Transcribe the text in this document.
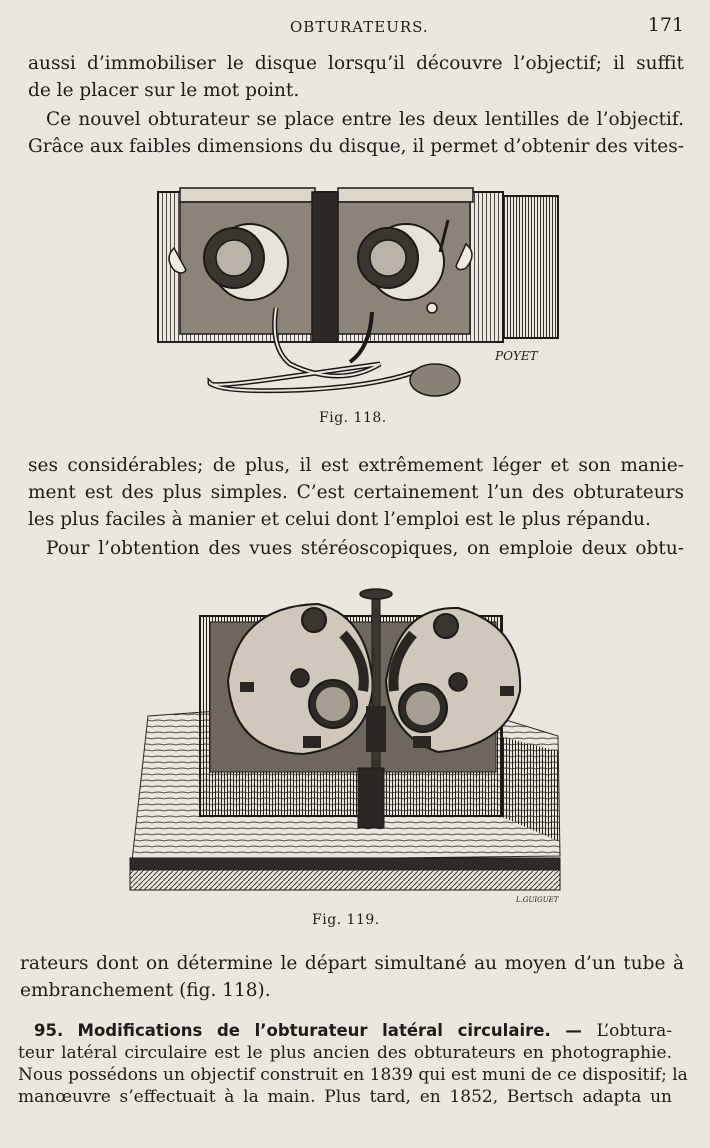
OBTURATEURS.	171
aussi d’immobiliser le disque lorsqu’il découvre l’objectif; il suffit
de le placer sur le mot point.
Ce nouvel obturateur se place entre les deux lentilles de l’objectif.
Grâce aux faibles dimensions du disque, il permet d’obtenir des vites-
POYET
Fig. 118.
ses considérables; de plus, il est extrêmement léger et son manie-
ment est des plus simples. C’est certainement l’un des obturateurs
les plus faciles à manier et celui dont l’emploi est le plus répandu.
Pour l’obtention des vues stéréoscopiques, on emploie deux obtu-
L.GUIGUET
Fig. 119.
rateurs dont on détermine le départ simultané au moyen d’un tube à
embranchement (fig. 118).
95. Modifications de l’obturateur latéral circulaire. — L’obtura-
teur latéral circulaire est le plus ancien des obturateurs en photographie.
Nous possédons un objectif construit en 1839 qui est muni de ce dispositif; la
manœuvre s’effectuait à la main. Plus tard, en 1852, Bertsch adapta un
